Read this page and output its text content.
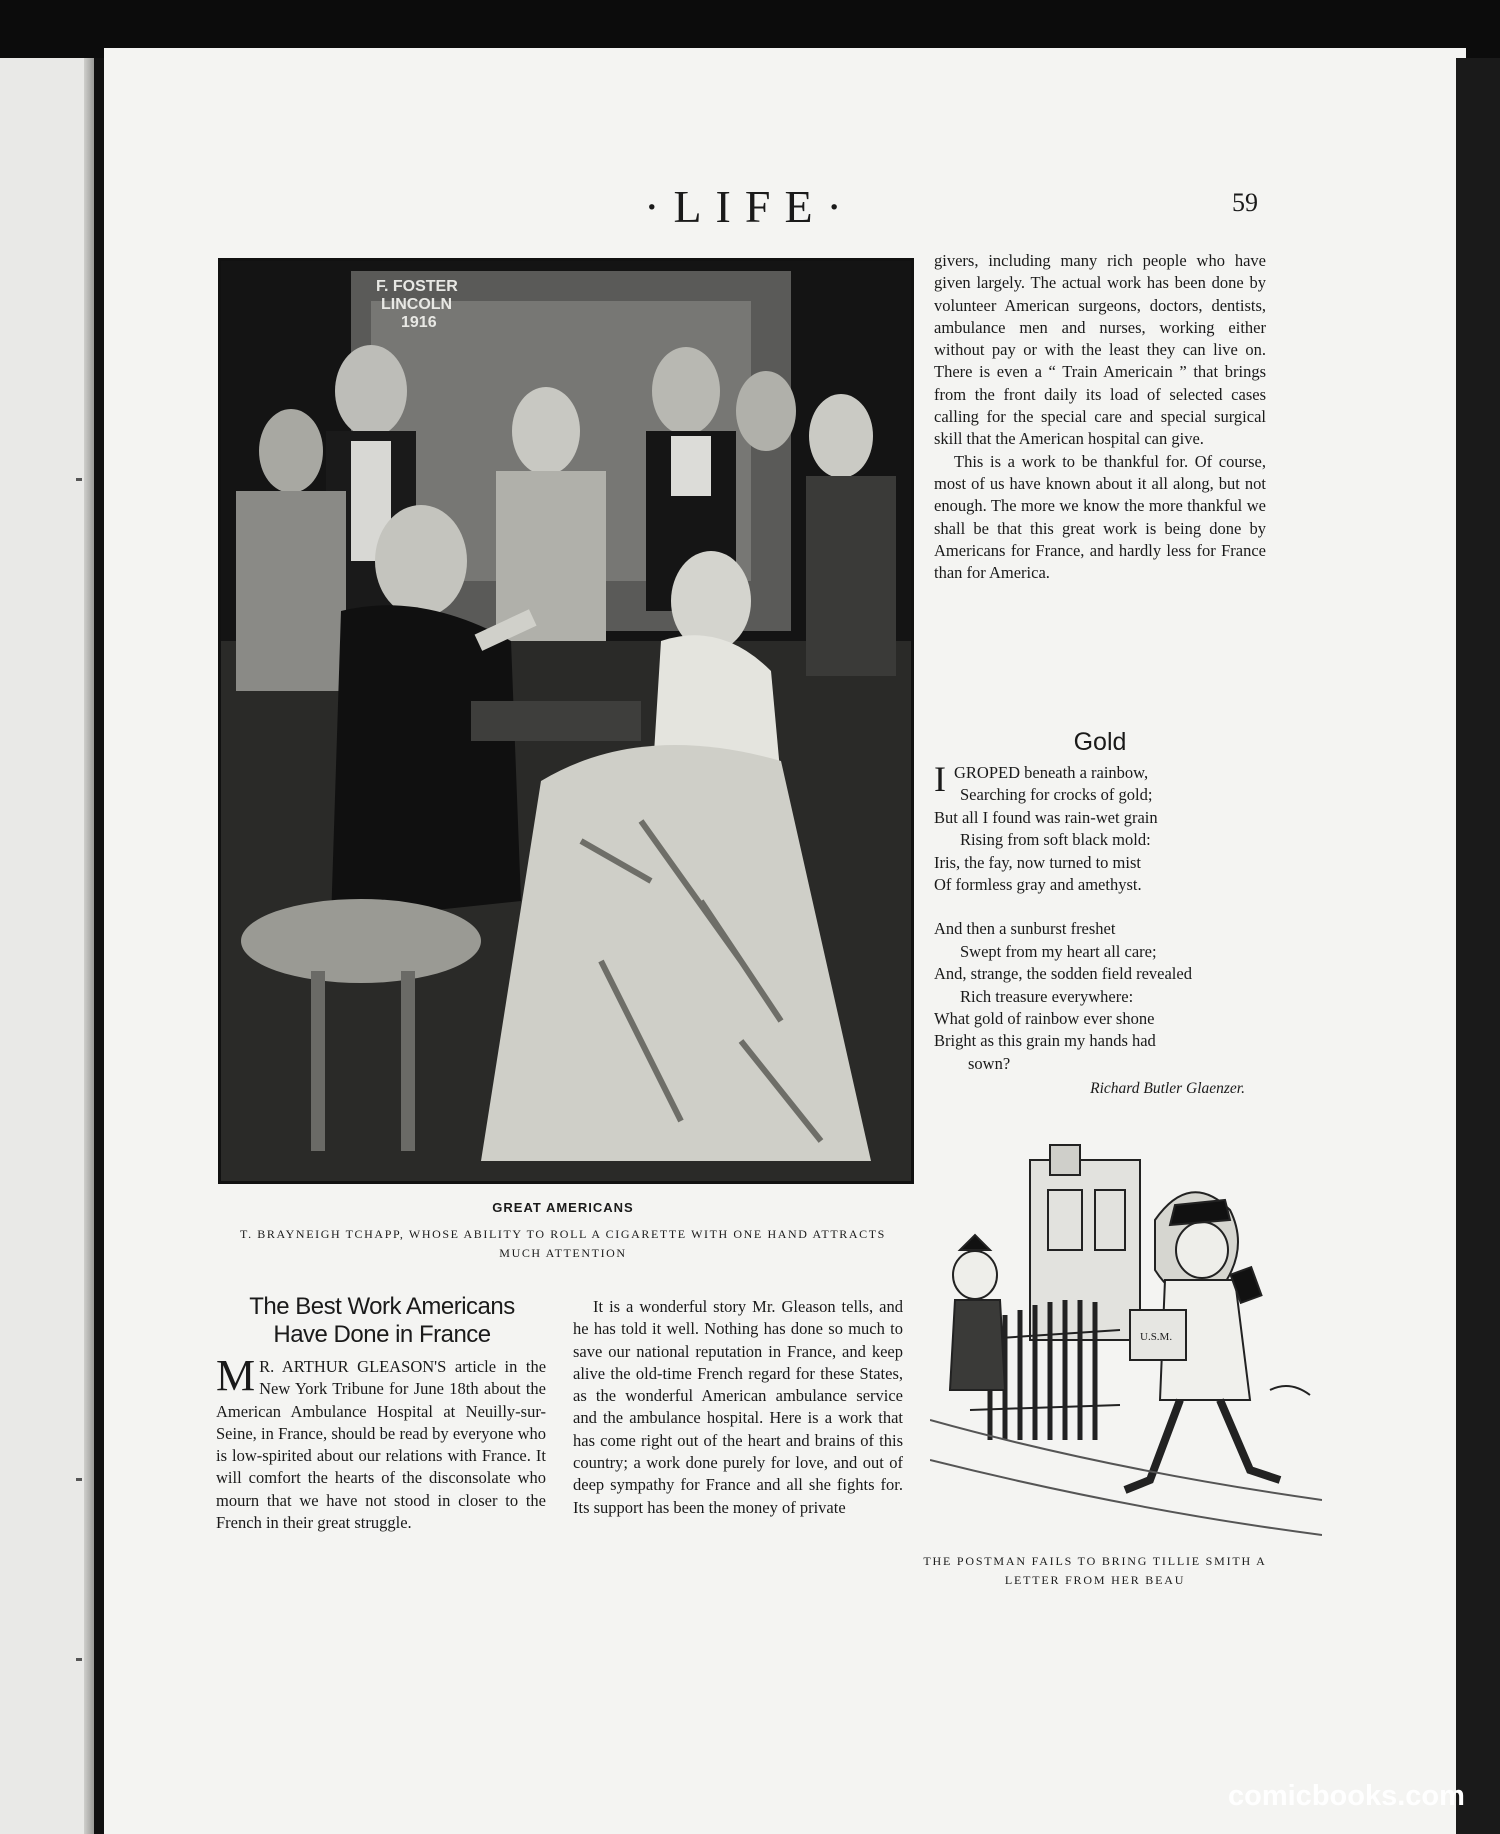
·LIFE·	59
F. FOSTER LINCOLN 1916
GREAT AMERICANS
T. BRAYNEIGH TCHAPP, WHOSE ABILITY TO ROLL A CIGARETTE WITH ONE HAND ATTRACTS MUCH ATTENTION
The Best Work Americans Have Done in France
M R. ARTHUR GLEASON'S article in the New York Tribune for June 18th about the American Ambulance Hospital at Neuilly-sur-Seine, in France, should be read by everyone who is low-spirited about our relations with France. It will comfort the hearts of the disconsolate who mourn that we have not stood in closer to the French in their great struggle.

It is a wonderful story Mr. Gleason tells, and he has told it well. Nothing has done so much to save our national reputation in France, and keep alive the old-time French regard for these States, as the wonderful American ambulance service and the ambulance hospital. Here is a work that has come right out of the heart and brains of this country; a work done purely for love, and out of deep sympathy for France and all she fights for. Its support has been the money of private

givers, including many rich people who have given largely. The actual work has been done by volunteer American surgeons, doctors, dentists, ambulance men and nurses, working either without pay or with the least they can live on. There is even a “ Train Americain ” that brings from the front daily its load of selected cases calling for the special care and special surgical skill that the American hospital can give.

This is a work to be thankful for. Of course, most of us have known about it all along, but not enough. The more we know the more thankful we shall be that this great work is being done by Americans for France, and hardly less for France than for America.

Gold
IGROPED beneath a rainbow,
Searching for crocks of gold;
But all I found was rain-wet grain
Rising from soft black mold:
Iris, the fay, now turned to mist
Of formless gray and amethyst.
And then a sunburst freshet
Swept from my heart all care;
And, strange, the sodden field revealed
Rich treasure everywhere:
What gold of rainbow ever shone
Bright as this grain my hands had
sown?
Richard Butler Glaenzer.
U.S.M.
THE POSTMAN FAILS TO BRING TILLIE SMITH A LETTER FROM HER BEAU
comicbooks.com
